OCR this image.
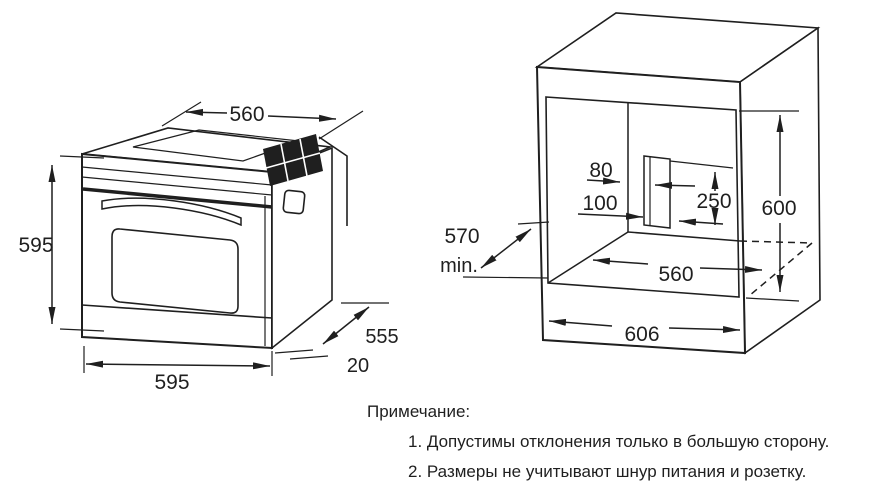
595
560
595
555
20
80
100	250 600
570
min.	560
606
Примечание:
1. Допустимы отклонения только в большую сторону.
2. Размеры не учитывают шнур питания и розетку.
